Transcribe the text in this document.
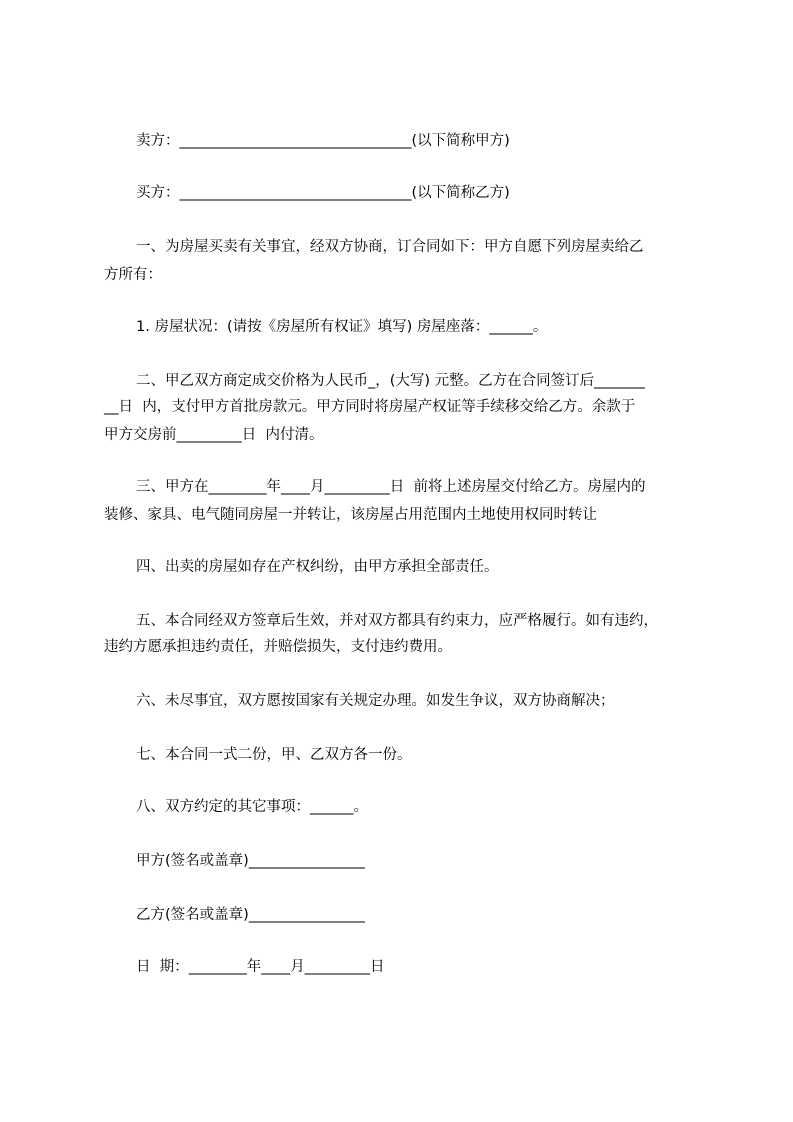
卖方：________________________________(以下简称甲方)
买方：________________________________(以下简称乙方)
一、为房屋买卖有关事宜，经双方协商，订合同如下：甲方自愿下列房屋卖给乙
方所有：
1. 房屋状况：(请按《房屋所有权证》填写) 房屋座落：______。
二、甲乙双方商定成交价格为人民币_，(大写) 元整。乙方在合同签订后_______
__日  内，支付甲方首批房款元。甲方同时将房屋产权证等手续移交给乙方。余款于
甲方交房前_________日  内付清。
三、甲方在________年____月_________日  前将上述房屋交付给乙方。房屋内的
装修、家具、电气随同房屋一并转让，该房屋占用范围内土地使用权同时转让
四、出卖的房屋如存在产权纠纷，由甲方承担全部责任。
五、本合同经双方签章后生效，并对双方都具有约束力，应严格履行。如有违约，
违约方愿承担违约责任，并赔偿损失，支付违约费用。
六、未尽事宜，双方愿按国家有关规定办理。如发生争议，双方协商解决；
七、本合同一式二份，甲、乙双方各一份。
八、双方约定的其它事项：______。
甲方(签名或盖章)________________
乙方(签名或盖章)________________
日  期：________年____月_________日
